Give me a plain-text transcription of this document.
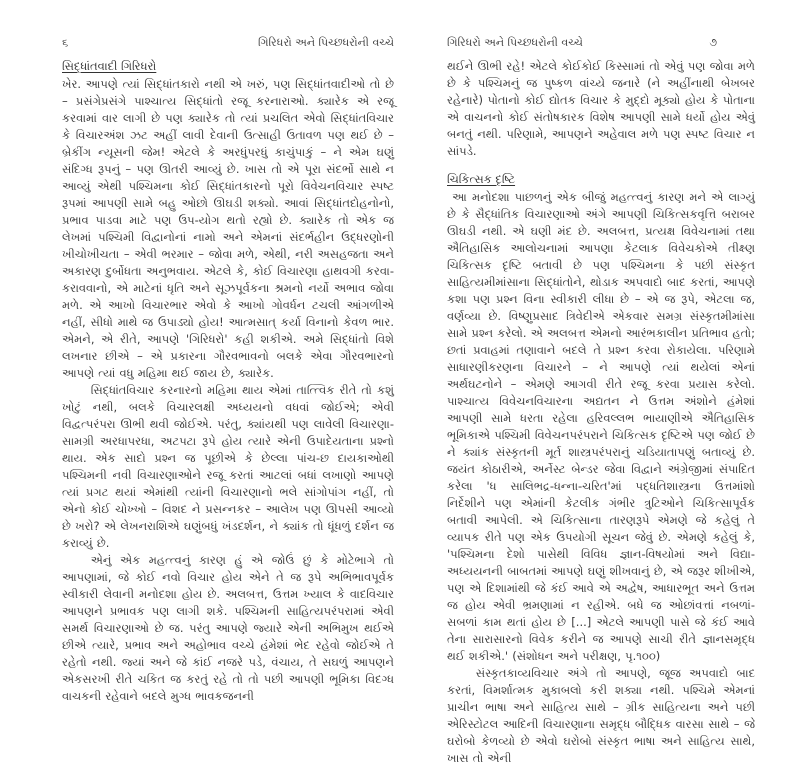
૬	ગિરિધરો અને પિચ્છધરોની વચ્ચે
સિદ્ધાંતવાદી ગિરિધરો

ખેર. આપણે ત્યાં સિદ્ધાંતકારો નથી એ ખરું, પણ સિદ્ધાંતવાદીઓ તો છે – પ્રસંગેપ્રસંગે પાશ્ચાત્ય સિદ્ધાંતો રજૂ કરનારાઓ. ક્યારેક એ રજૂ કરવામાં વાર લાગી છે પણ ક્યારેક તો ત્યાં પ્રચલિત એવો સિદ્ધાંતવિચાર કે વિચારઅંશ ઝટ અહીં લાવી દેવાની ઉત્સાહી ઉતાવળ પણ થઈ છે – બ્રેકીંગ ન્યૂસની જેમ! એટલે કે અરધુંપરધું કાચુંપાકું – ને એમ ઘણું સંદિગ્ધ રૂપનું – પણ ઊતરી આવ્યું છે. ખાસ તો એ પૂરા સંદર્ભો સાથે ન આવ્યું એથી પશ્ચિમના કોઈ સિદ્ધાંતકારનો પૂરો વિવેચનવિચાર સ્પષ્ટ રૂપમાં આપણી સામે બહુ ઓછો ઊઘડી શક્યો. આવાં સિદ્ધાંતદોહનોનો, પ્રભાવ પાડવા માટે પણ ઉપ-યોગ થતો રહ્યો છે. ક્યારેક તો એક જ લેખમાં પશ્ચિમી વિદ્વાનોનાં નામો અને એમનાં સંદર્ભહીન ઉદ્ધરણોની ખીચોખીચતા – એવી ભરમાર – જોવા મળે, એથી, નરી અસહજતા અને અકારણ દુર્બોધતા અનુભવાય. એટલે કે, કોઈ વિચારણા હાથવગી કરવા-કરાવવાનો, એ માટેનાં ધૃતિ અને સૂઝપૂર્વકના શ્રમનો નર્યો અભાવ જોવા મળે. એ આખો વિચારભાર એવો કે આખો ગોવર્ધન ટચલી આંગળીએ નહીં, સીધો માથે જ ઉપાડ્યો હોય! આત્મસાત્ કર્યા વિનાનો કેવળ ભાર. એમને, એ રીતે, આપણે 'ગિરિધરો' કહી શકીએ. અમે સિદ્ધાંતો વિશે લખનાર છીએ – એ પ્રકારના ગૌરવભાવનો બલકે એવા ગૌરવભારનો આપણે ત્યાં વધુ મહિમા થઈ જાય છે, ક્યારેક.

સિદ્ધાંતવિચાર કરનારનો મહિમા થાય એમાં તાત્ત્વિક રીતે તો કશું ખોટું નથી, બલકે વિચારલક્ષી અધ્યયનો વધવાં જોઈએ; એવી વિદ્વત્પરંપરા ઊભી થવી જોઈએ. પરંતુ, ક્યાંયથી પણ લાવેલી વિચારણા-સામગ્રી અરધાપરધા, અટપટા રૂપે હોય ત્યારે એની ઉપાદેયતાના પ્રશ્નો થાય. એક સાદો પ્રશ્ન જ પૂછીએ કે છેલ્લા પાંચ-છ દાયકાઓથી પશ્ચિમની નવી વિચારણાઓને રજૂ કરતાં આટલાં બધાં લખાણો આપણે ત્યાં પ્રગટ થયાં એમાંથી ત્યાંની વિચારણાનો ભલે સાંગોપાંગ નહીં, તો એનો કોઈ ચોખ્ખો – વિશદ ને પ્રસન્નકર – આલેખ પણ ઊપસી આવ્યો છે ખરો? એ લેખનરાશિએ ઘણુંબધું ખંડદર્શન, ને ક્યાંક તો ધૂંધળું દર્શન જ કરાવ્યું છે.

એનું એક મહત્ત્વનું કારણ હું એ જોઉં છું કે મોટેભાગે તો આપણામાં, જે કોઈ નવો વિચાર હોય એને તે જ રૂપે અભિભાવપૂર્વક સ્વીકારી લેવાની મનોદશા હોય છે. અલબત્ત, ઉત્તમ ખ્યાલ કે વાદવિચાર આપણને પ્રભાવક પણ લાગી શકે. પશ્ચિમની સાહિત્યપરંપરામાં એવી સમર્થ વિચારણાઓ છે જ. પરંતુ આપણે જ્યારે એની અભિમુખ થઈએ છીએ ત્યારે, પ્રભાવ અને અહોભાવ વચ્ચે હંમેશાં ભેદ રહેવો જોઈએ તે રહેતો નથી. જ્યાં અને જે કાંઈ નજરે પડે, વંચાય, તે સઘળું આપણને એકસરખી રીતે ચકિત જ કરતું રહે તો તો પછી આપણી ભૂમિકા વિદગ્ધ વાચકની રહેવાને બદલે મુગ્ધ ભાવકજનની

ગિરિધરો અને પિચ્છધરોની વચ્ચે	૭

થઈને ઊભી રહે! એટલે કોઈકોઈ કિસ્સામાં તો એવું પણ જોવા મળે છે કે પશ્ચિમનું જ પુષ્કળ વાંચ્યે જનારે (ને અહીંનાથી બેખબર રહેનારે) પોતાનો કોઈ દ્યોતક વિચાર કે મુદ્દો મૂક્યો હોય કે પોતાના એ વાચનનો કોઈ સંતોષકારક વિશેષ આપણી સામે ધર્યો હોય એવું બનતું નથી. પરિણામે, આપણને અહેવાલ મળે પણ સ્પષ્ટ વિચાર ન સાંપડે.

ચિકિત્સક દૃષ્ટિ

આ મનોદશા પાછળનું એક બીજું મહત્ત્વનું કારણ મને એ લાગ્યું છે કે સૈદ્ધાંતિક વિચારણાઓ અંગે આપણી ચિકિત્સકવૃત્તિ બરાબર ઊઘડી નથી. એ ઘણી મંદ છે. અલબત્ત, પ્રત્યક્ષ વિવેચનામાં તથા ઐતિહાસિક આલોચનામાં આપણા કેટલાક વિવેચકોએ તીક્ષ્ણ ચિકિત્સક દૃષ્ટિ બતાવી છે પણ પશ્ચિમના કે પછી સંસ્કૃત સાહિત્યમીમાંસાના સિદ્ધાંતોને, થોડાક અપવાદો બાદ કરતાં, આપણે કશા પણ પ્રશ્ન વિના સ્વીકારી લીધા છે – એ જ રૂપે, એટલા જ, વર્ણવ્યા છે. વિષ્ણુપ્રસાદ ત્રિવેદીએ એકવાર સમગ્ર સંસ્કૃતમીમાંસા સામે પ્રશ્ન કરેલો. એ અલબત્ત એમનો આરંભકાલીન પ્રતિભાવ હતો; છતાં પ્રવાહમાં તણાવાને બદલે તે પ્રશ્ન કરવા રોકાયેલા. પરિણામે સાધારણીકરણના વિચારને – ને આપણે ત્યાં થયેલાં એનાં અર્થઘટનોને – એમણે આગવી રીતે રજૂ કરવા પ્રયાસ કરેલો. પાશ્ચાત્ય વિવેચનવિચારના અદ્યતન ને ઉત્તમ અંશોને હંમેશાં આપણી સામે ધરતા રહેલા હરિવલ્લભ ભાયાણીએ ઐતિહાસિક ભૂમિકાએ પશ્ચિમી વિવેચનપરંપરાને ચિકિત્સક દૃષ્ટિએ પણ જોઈ છે ને ક્યાંક સંસ્કૃતની મૂર્ત શાસ્ત્રપરંપરાનું ચડિયાતાપણું બતાવ્યું છે. જયંત કોઠારીએ, અર્નેસ્ટ બેન્ડર જેવા વિદ્વાને અંગ્રેજીમાં સંપાદિત કરેલા 'ધ સાલિભદ્ર-ધન્ના-ચરિત'માં પદ્ધતિશાસ્ત્રના ઉત્તમાંશો નિર્દેશીને પણ એમાંની કેટલીક ગંભીર ત્રુટિઓને ચિકિત્સાપૂર્વક બતાવી આપેલી. એ ચિકિત્સાના તારણરૂપે એમણે જે કહેલું તે વ્યાપક રીતે પણ એક ઉપયોગી સૂચન જેવું છે. એમણે કહેલું કે, 'પશ્ચિમના દેશો પાસેથી વિવિધ જ્ઞાન-વિષયોમાં અને વિદ્યા-અધ્યયનની બાબતમાં આપણે ઘણું શીખવાનું છે, એ જરૂર શીખીએ, પણ એ દિશામાંથી જે કંઈ આવે એ અદ્વેષ, આધારભૂત અને ઉત્તમ જ હોય એવી ભ્રમણામાં ન રહીએ. બધે જ ઓછાંવત્તાં નબળાં-સબળાં કામ થતાં હોય છે [...] એટલે આપણી પાસે જે કંઈ આવે તેના સારાસારનો વિવેક કરીને જ આપણે સાચી રીતે જ્ઞાનસમૃદ્ધ થઈ શકીએ.' (સંશોધન અને પરીક્ષણ, પૃ.૧૦૦)

સંસ્કૃતકાવ્યવિચાર અંગે તો આપણે, જૂજ અપવાદો બાદ કરતાં, વિમર્શાત્મક મુકાબલો કરી શક્યા નથી. પશ્ચિમે એમનાં પ્રાચીન ભાષા અને સાહિત્ય સાથે – ગ્રીક સાહિત્યના અને પછી એરિસ્ટોટલ આદિની વિચારણાના સમૃદ્ધ બૌદ્ધિક વારસા સાથે – જે ઘરોબો કેળવ્યો છે એવો ઘરોબો સંસ્કૃત ભાષા અને સાહિત્ય સાથે, ખાસ તો એની
